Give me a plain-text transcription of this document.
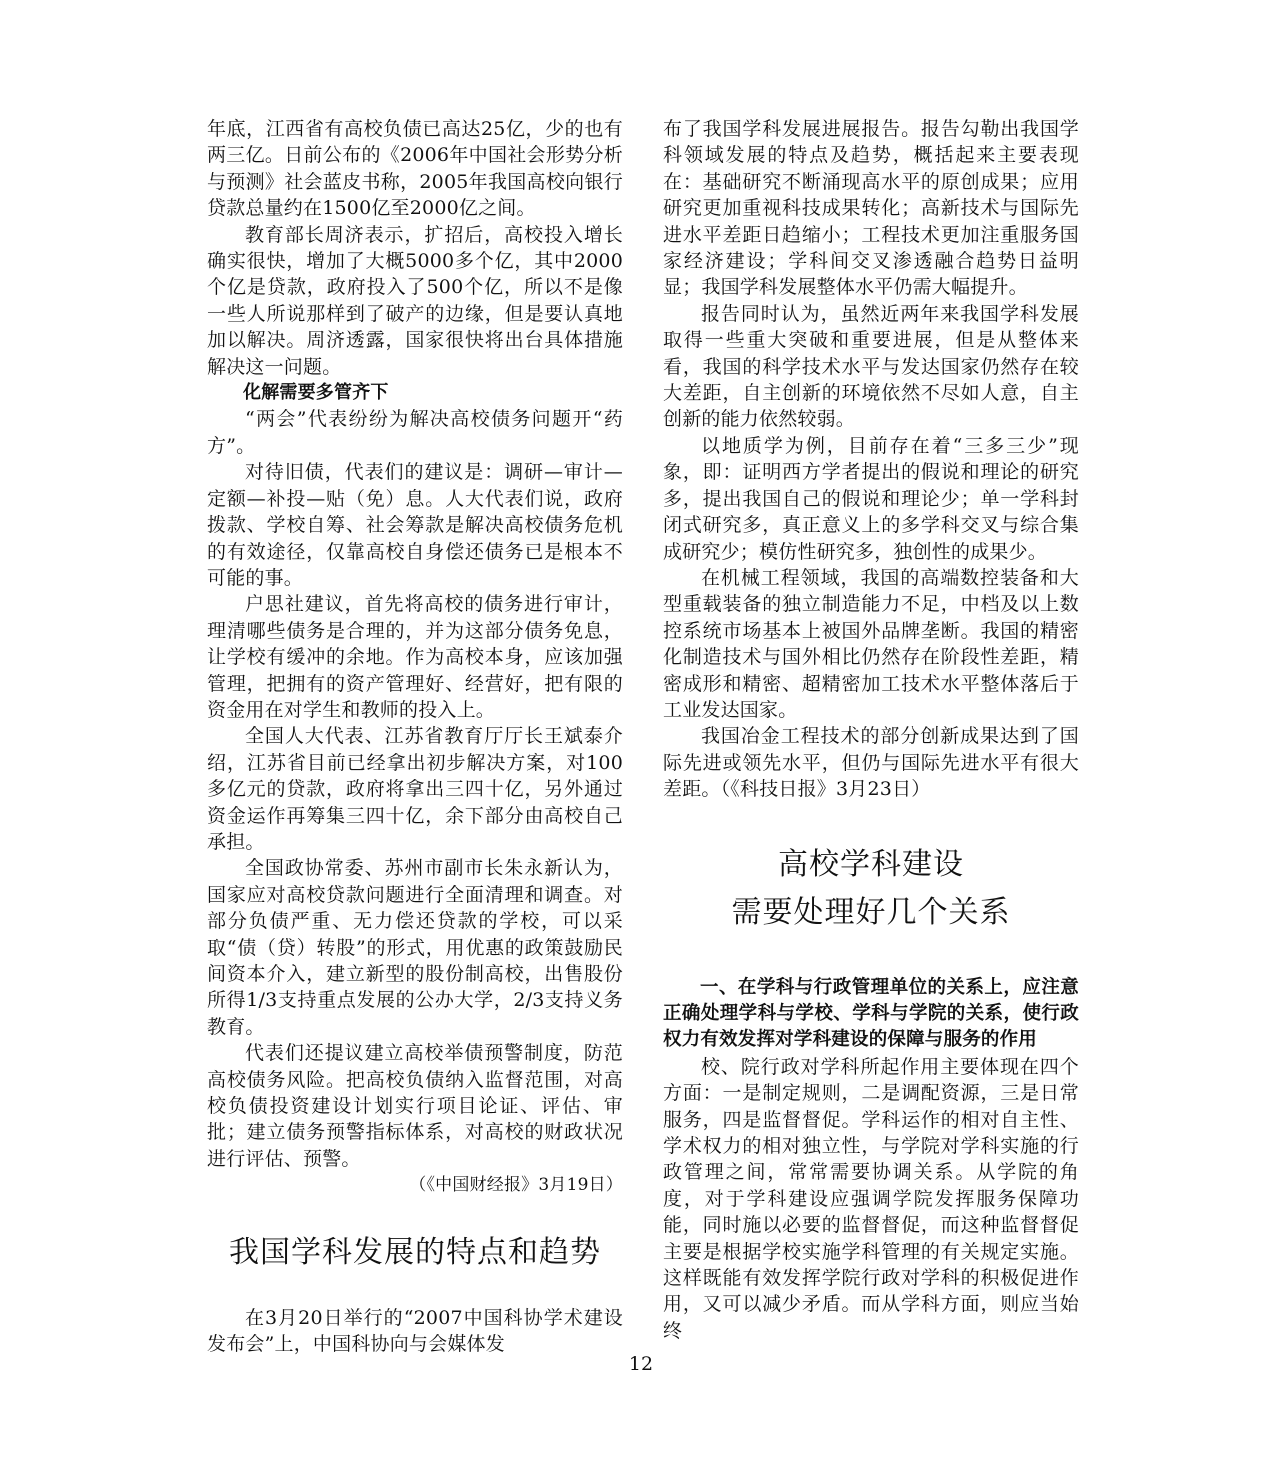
年底，江西省有高校负债已高达25亿，少的也有两三亿。日前公布的《2006年中国社会形势分析与预测》社会蓝皮书称，2005年我国高校向银行贷款总量约在1500亿至2000亿之间。

教育部长周济表示，扩招后，高校投入增长确实很快，增加了大概5000多个亿，其中2000个亿是贷款，政府投入了500个亿，所以不是像一些人所说那样到了破产的边缘，但是要认真地加以解决。周济透露，国家很快将出台具体措施解决这一问题。

化解需要多管齐下

“两会”代表纷纷为解决高校债务问题开“药方”。

对待旧债，代表们的建议是：调研—审计—定额—补投—贴（免）息。人大代表们说，政府拨款、学校自筹、社会筹款是解决高校债务危机的有效途径，仅靠高校自身偿还债务已是根本不可能的事。

户思社建议，首先将高校的债务进行审计，理清哪些债务是合理的，并为这部分债务免息，让学校有缓冲的余地。作为高校本身，应该加强管理，把拥有的资产管理好、经营好，把有限的资金用在对学生和教师的投入上。

全国人大代表、江苏省教育厅厅长王斌泰介绍，江苏省目前已经拿出初步解决方案，对100多亿元的贷款，政府将拿出三四十亿，另外通过资金运作再筹集三四十亿，余下部分由高校自己承担。

全国政协常委、苏州市副市长朱永新认为，国家应对高校贷款问题进行全面清理和调查。对部分负债严重、无力偿还贷款的学校，可以采取“债（贷）转股”的形式，用优惠的政策鼓励民间资本介入，建立新型的股份制高校，出售股份所得1/3支持重点发展的公办大学，2/3支持义务教育。

代表们还提议建立高校举债预警制度，防范高校债务风险。把高校负债纳入监督范围，对高校负债投资建设计划实行项目论证、评估、审批；建立债务预警指标体系，对高校的财政状况进行评估、预警。

（《中国财经报》3月19日）

我国学科发展的特点和趋势

在3月20日举行的“2007中国科协学术建设发布会”上，中国科协向与会媒体发

布了我国学科发展进展报告。报告勾勒出我国学科领域发展的特点及趋势，概括起来主要表现在：基础研究不断涌现高水平的原创成果；应用研究更加重视科技成果转化；高新技术与国际先进水平差距日趋缩小；工程技术更加注重服务国家经济建设；学科间交叉渗透融合趋势日益明显；我国学科发展整体水平仍需大幅提升。

报告同时认为，虽然近两年来我国学科发展取得一些重大突破和重要进展，但是从整体来看，我国的科学技术水平与发达国家仍然存在较大差距，自主创新的环境依然不尽如人意，自主创新的能力依然较弱。

以地质学为例，目前存在着“三多三少”现象，即：证明西方学者提出的假说和理论的研究多，提出我国自己的假说和理论少；单一学科封闭式研究多，真正意义上的多学科交叉与综合集成研究少；模仿性研究多，独创性的成果少。

在机械工程领域，我国的高端数控装备和大型重载装备的独立制造能力不足，中档及以上数控系统市场基本上被国外品牌垄断。我国的精密化制造技术与国外相比仍然存在阶段性差距，精密成形和精密、超精密加工技术水平整体落后于工业发达国家。

我国冶金工程技术的部分创新成果达到了国际先进或领先水平，但仍与国际先进水平有很大差距。（《科技日报》3月23日）

高校学科建设
需要处理好几个关系

一、在学科与行政管理单位的关系上，应注意正确处理学科与学校、学科与学院的关系，使行政权力有效发挥对学科建设的保障与服务的作用

校、院行政对学科所起作用主要体现在四个方面：一是制定规则，二是调配资源，三是日常服务，四是监督督促。学科运作的相对自主性、学术权力的相对独立性，与学院对学科实施的行政管理之间，常常需要协调关系。从学院的角度，对于学科建设应强调学院发挥服务保障功能，同时施以必要的监督督促，而这种监督督促主要是根据学校实施学科管理的有关规定实施。这样既能有效发挥学院行政对学科的积极促进作用，又可以减少矛盾。而从学科方面，则应当始终

12
